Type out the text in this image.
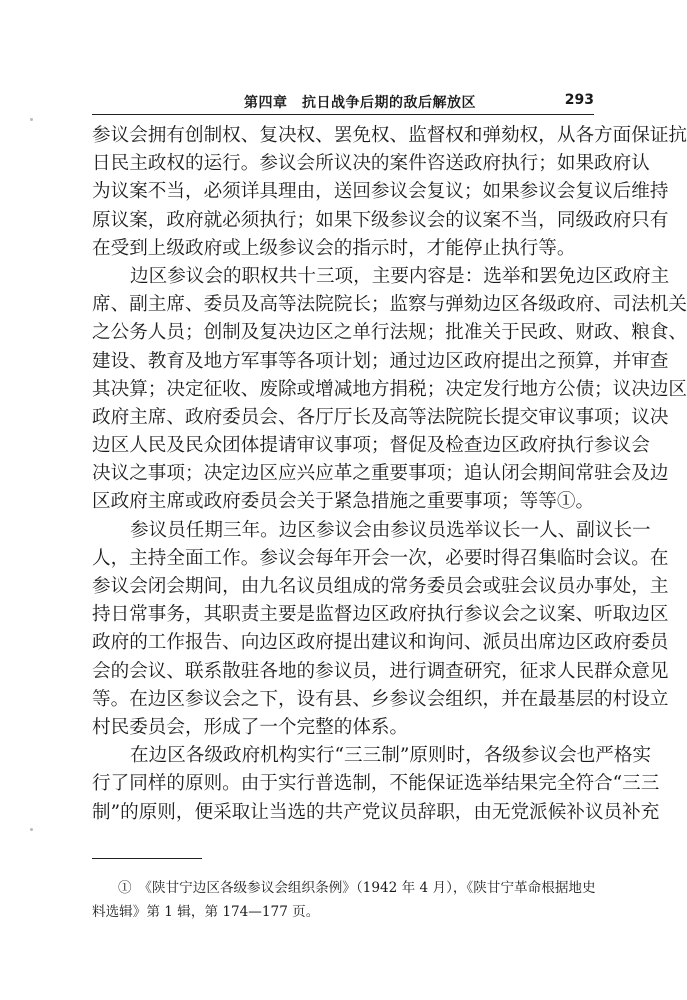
第四章　抗日战争后期的敌后解放区	293
参议会拥有创制权、复决权、罢免权、监督权和弹劾权，从各方面保证抗
日民主政权的运行。参议会所议决的案件咨送政府执行；如果政府认
为议案不当，必须详具理由，送回参议会复议；如果参议会复议后维持
原议案，政府就必须执行；如果下级参议会的议案不当，同级政府只有
在受到上级政府或上级参议会的指示时，才能停止执行等。
边区参议会的职权共十三项，主要内容是：选举和罢免边区政府主
席、副主席、委员及高等法院院长；监察与弹劾边区各级政府、司法机关
之公务人员；创制及复决边区之单行法规；批准关于民政、财政、粮食、
建设、教育及地方军事等各项计划；通过边区政府提出之预算，并审查
其决算；决定征收、废除或增减地方捐税；决定发行地方公债；议决边区
政府主席、政府委员会、各厅厅长及高等法院院长提交审议事项；议决
边区人民及民众团体提请审议事项；督促及检查边区政府执行参议会
决议之事项；决定边区应兴应革之重要事项；追认闭会期间常驻会及边
区政府主席或政府委员会关于紧急措施之重要事项；等等①。
参议员任期三年。边区参议会由参议员选举议长一人、副议长一
人，主持全面工作。参议会每年开会一次，必要时得召集临时会议。在
参议会闭会期间，由九名议员组成的常务委员会或驻会议员办事处，主
持日常事务，其职责主要是监督边区政府执行参议会之议案、听取边区
政府的工作报告、向边区政府提出建议和询问、派员出席边区政府委员
会的会议、联系散驻各地的参议员，进行调查研究，征求人民群众意见
等。在边区参议会之下，设有县、乡参议会组织，并在最基层的村设立
村民委员会，形成了一个完整的体系。
在边区各级政府机构实行“三三制”原则时，各级参议会也严格实
行了同样的原则。由于实行普选制，不能保证选举结果完全符合“三三
制”的原则，便采取让当选的共产党议员辞职，由无党派候补议员补充
①　《陕甘宁边区各级参议会组织条例》（1942 年 4 月），《陕甘宁革命根据地史
料选辑》第 1 辑，第 174—177 页。
